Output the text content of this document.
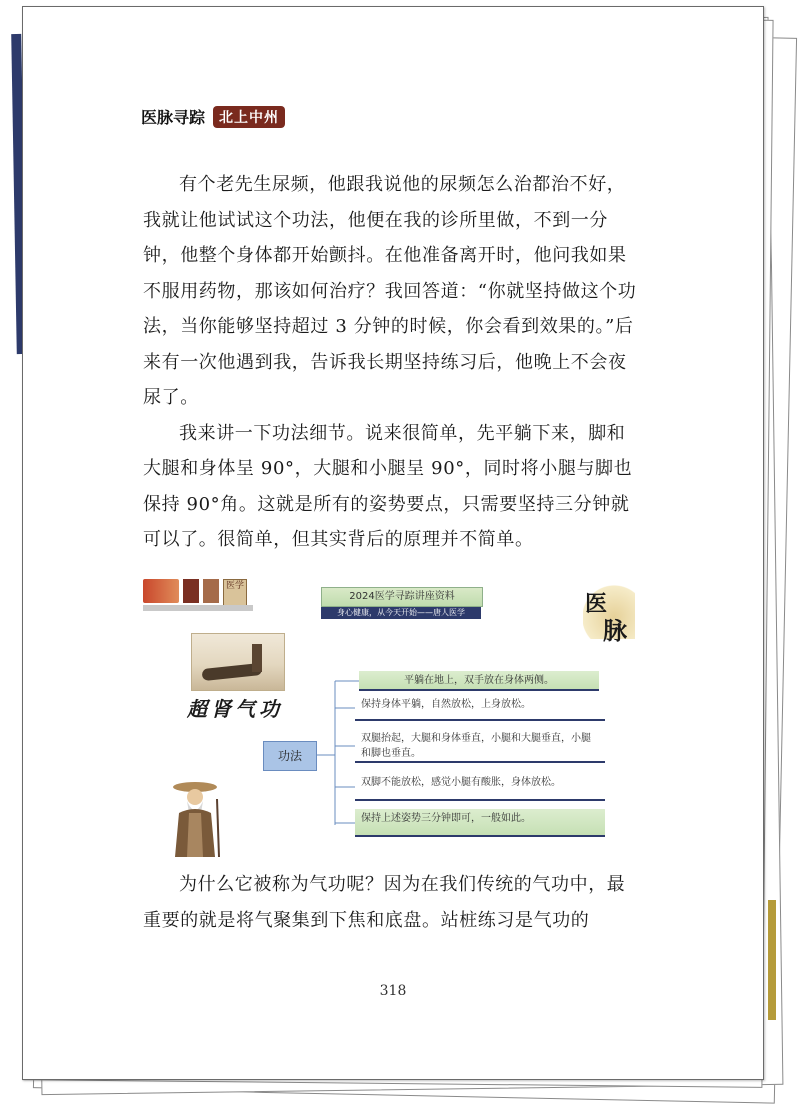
医脉寻踪	北上中州

有个老先生尿频，他跟我说他的尿频怎么治都治不好，我就让他试试这个功法，他便在我的诊所里做，不到一分钟，他整个身体都开始颤抖。在他准备离开时，他问我如果不服用药物，那该如何治疗？我回答道：“你就坚持做这个功法，当你能够坚持超过 3 分钟的时候，你会看到效果的。”后来有一次他遇到我，告诉我长期坚持练习后，他晚上不会夜尿了。

我来讲一下功法细节。说来很简单，先平躺下来，脚和大腿和身体呈 90°，大腿和小腿呈 90°，同时将小腿与脚也保持 90°角。这就是所有的姿势要点，只需要坚持三分钟就可以了。很简单，但其实背后的原理并不简单。

医学
2024医学寻踪讲座资料
身心健康，从今天开始——唐人医学	医
脉
超肾气功
功法
平躺在地上，双手放在身体两侧。
保持身体平躺，自然放松，上身放松。
双腿抬起，大腿和身体垂直，小腿和大腿垂直，小腿和脚也垂直。
双脚不能放松，感觉小腿有酸胀，身体放松。
保持上述姿势三分钟即可，一般如此。

为什么它被称为气功呢？因为在我们传统的气功中，最重要的就是将气聚集到下焦和底盘。站桩练习是气功的

318
